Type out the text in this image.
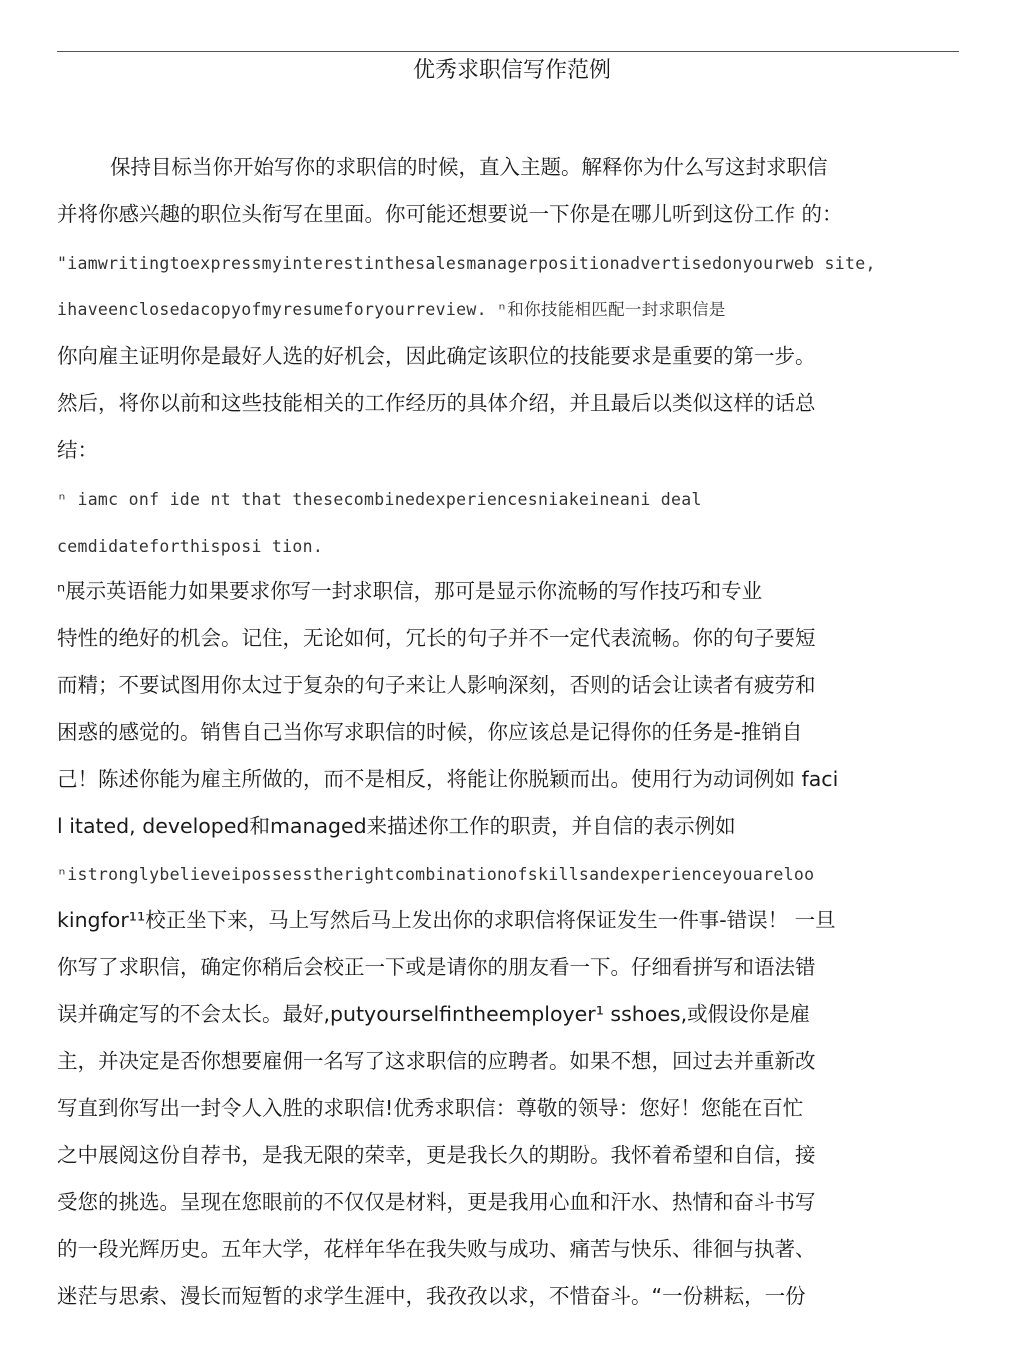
优秀求职信写作范例
保持目标当你开始写你的求职信的时候，直入主题。解释你为什么写这封求职信
并将你感兴趣的职位头衔写在里面。你可能还想要说一下你是在哪儿听到这份工作 的：
"iamwritingtoexpressmyinterestinthesalesmanagerpositionadvertisedonyourweb site,
ihaveenclosedacopyofmyresumeforyourreview. ⁿ和你技能相匹配一封求职信是
你向雇主证明你是最好人选的好机会，因此确定该职位的技能要求是重要的第一步。
然后，将你以前和这些技能相关的工作经历的具体介绍，并且最后以类似这样的话总
结：
ⁿ iamc onf ide nt that thesecombinedexperiencesniakeineani deal
cemdidateforthisposi tion.
ⁿ展示英语能力如果要求你写一封求职信，那可是显示你流畅的写作技巧和专业
特性的绝好的机会。记住，无论如何，冗长的句子并不一定代表流畅。你的句子要短
而精；不要试图用你太过于复杂的句子来让人影响深刻，否则的话会让读者有疲劳和
困惑的感觉的。销售自己当你写求职信的时候，你应该总是记得你的任务是-推销自
己！陈述你能为雇主所做的，而不是相反，将能让你脱颖而出。使用行为动词例如 faci
l itated, developed和managed来描述你工作的职责，并自信的表示例如
ⁿistronglybelieveipossesstherightcombinationofskillsandexperienceyouareloo
kingfor¹¹校正坐下来，马上写然后马上发出你的求职信将保证发生一件事-错误！ 一旦
你写了求职信，确定你稍后会校正一下或是请你的朋友看一下。仔细看拼写和语法错
误并确定写的不会太长。最好,putyourselfintheemployer¹ sshoes,或假设你是雇
主，并决定是否你想要雇佣一名写了这求职信的应聘者。如果不想，回过去并重新改
写直到你写出一封令人入胜的求职信!优秀求职信：尊敬的领导：您好！您能在百忙
之中展阅这份自荐书，是我无限的荣幸，更是我长久的期盼。我怀着希望和自信，接
受您的挑选。呈现在您眼前的不仅仅是材料，更是我用心血和汗水、热情和奋斗书写
的一段光辉历史。五年大学，花样年华在我失败与成功、痛苦与快乐、徘徊与执著、
迷茫与思索、漫长而短暂的求学生涯中，我孜孜以求，不惜奋斗。“一份耕耘，一份
